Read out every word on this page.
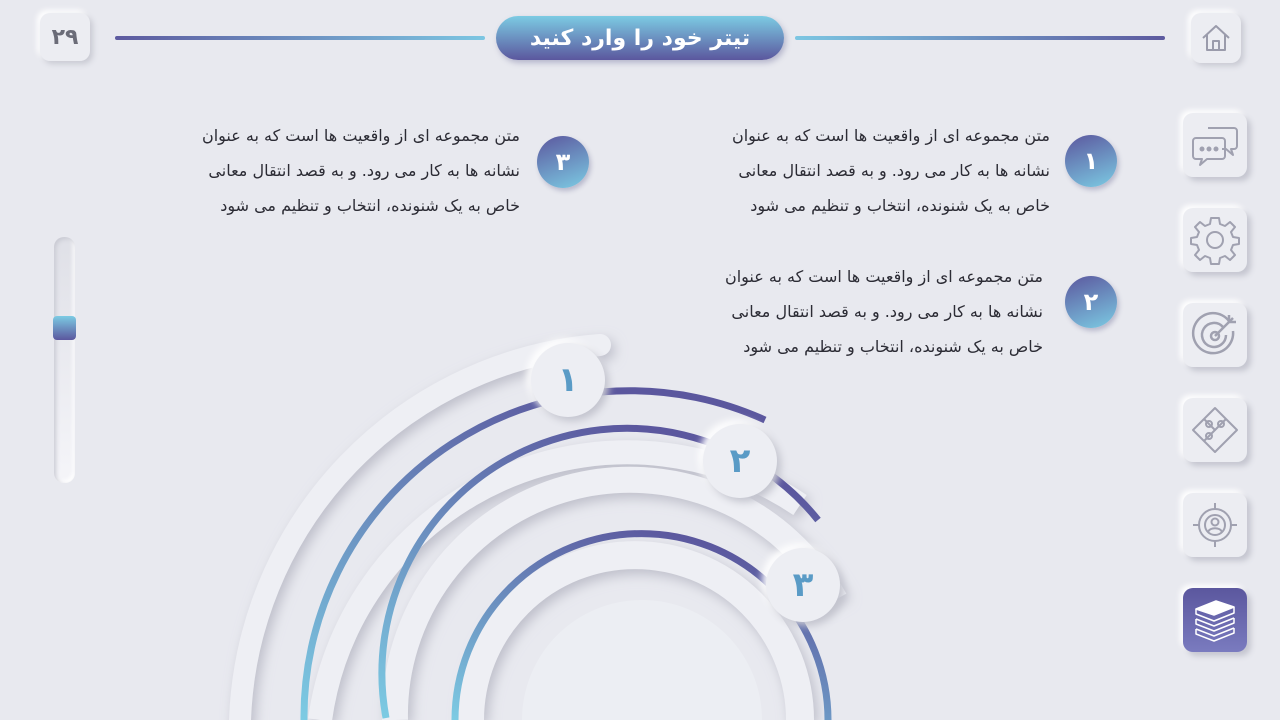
۲۹	تیتر خود را وارد کنید
۱
متن مجموعه ای از واقعیت ها است که به عنوان
نشانه ها به کار می رود. و به قصد انتقال معانی
خاص به یک شنونده، انتخاب و تنظیم می شود
۲
متن مجموعه ای از واقعیت ها است که به عنوان
نشانه ها به کار می رود. و به قصد انتقال معانی
خاص به یک شنونده، انتخاب و تنظیم می شود
۳
متن مجموعه ای از واقعیت ها است که به عنوان
نشانه ها به کار می رود. و به قصد انتقال معانی
خاص به یک شنونده، انتخاب و تنظیم می شود
۱
۲
۳
